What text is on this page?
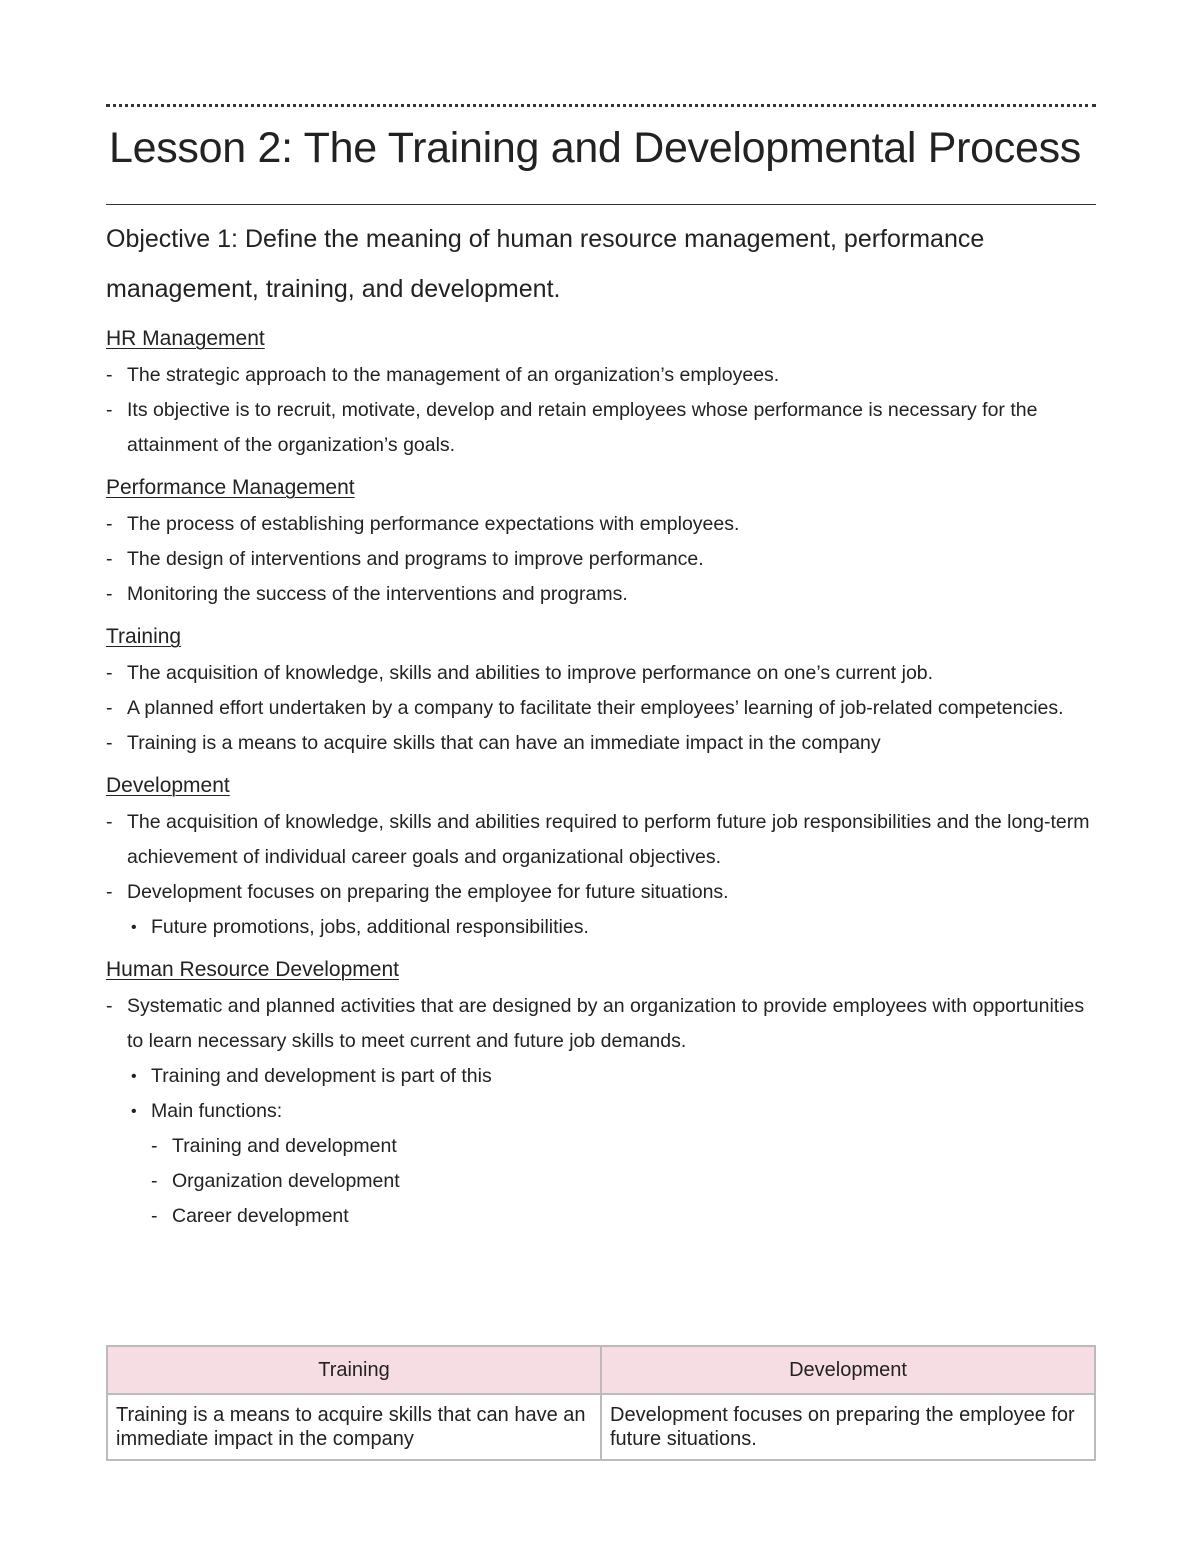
Lesson 2: The Training and Developmental Process
Objective 1: Define the meaning of human resource management, performance management, training, and development.
HR Management
- The strategic approach to the management of an organization’s employees.
- Its objective is to recruit, motivate, develop and retain employees whose performance is necessary for the attainment of the organization’s goals.
Performance Management
- The process of establishing performance expectations with employees.
- The design of interventions and programs to improve performance.
- Monitoring the success of the interventions and programs.
Training
- The acquisition of knowledge, skills and abilities to improve performance on one’s current job.
- A planned effort undertaken by a company to facilitate their employees’ learning of job-related competencies.
- Training is a means to acquire skills that can have an immediate impact in the company
Development
- The acquisition of knowledge, skills and abilities required to perform future job responsibilities and the long-term achievement of individual career goals and organizational objectives.
- Development focuses on preparing the employee for future situations.
• Future promotions, jobs, additional responsibilities.
Human Resource Development
- Systematic and planned activities that are designed by an organization to provide employees with opportunities to learn necessary skills to meet current and future job demands.
• Training and development is part of this
• Main functions:
- Training and development
- Organization development
- Career development
Training	Development
Training is a means to acquire skills that can have an immediate impact in the company	Development focuses on preparing the employee for future situations.
